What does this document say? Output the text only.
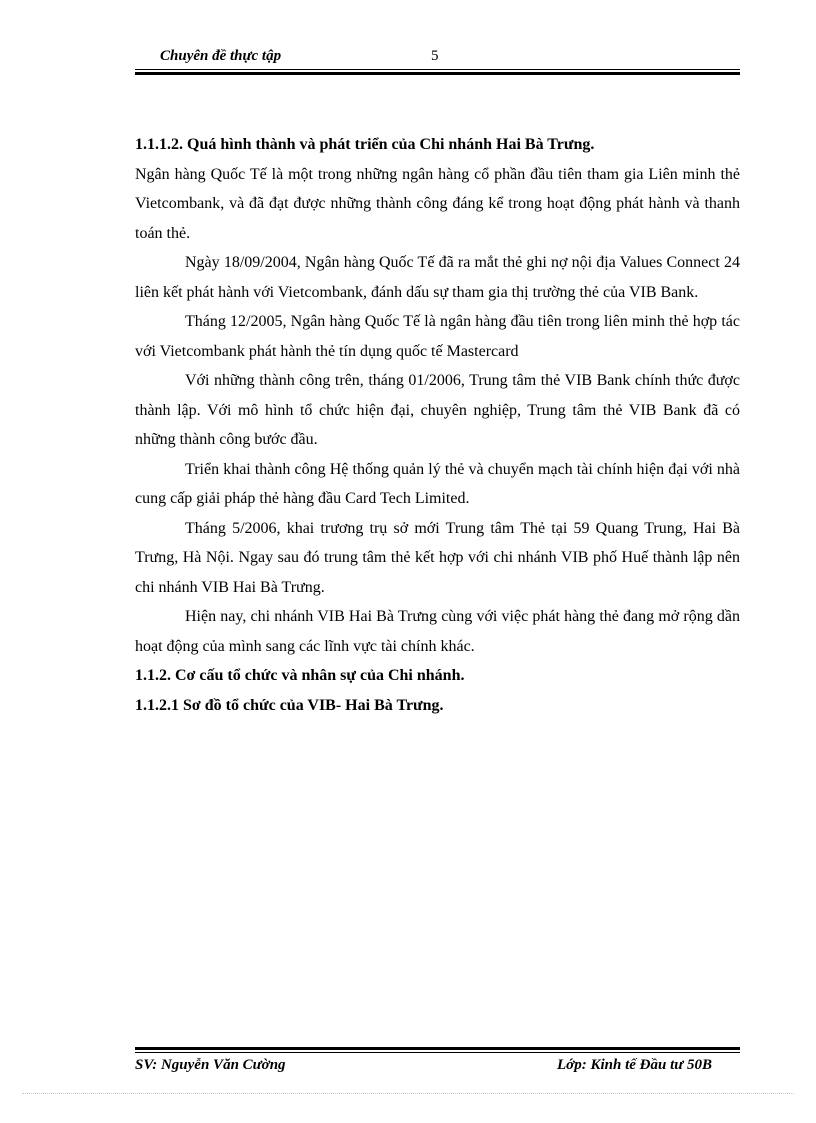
Chuyên đề thực tập	5

1.1.1.2. Quá hình thành và phát triển của Chi nhánh Hai Bà Trưng.

Ngân hàng Quốc Tế là một trong những ngân hàng cổ phần đầu tiên tham gia Liên minh thẻ Vietcombank, và đã đạt được những thành công đáng kể trong hoạt động phát hành và thanh toán thẻ.

Ngày 18/09/2004, Ngân hàng Quốc Tế đã ra mắt thẻ ghi nợ nội địa Values Connect 24 liên kết phát hành với Vietcombank, đánh dấu sự tham gia thị trường thẻ của VIB Bank.

Tháng 12/2005, Ngân hàng Quốc Tế là ngân hàng đầu tiên trong liên minh thẻ hợp tác với Vietcombank phát hành thẻ tín dụng quốc tế Mastercard

Với những thành công trên, tháng 01/2006, Trung tâm thẻ VIB Bank chính thức được thành lập. Với mô hình tổ chức hiện đại, chuyên nghiệp, Trung tâm thẻ VIB Bank đã có những thành công bước đầu.

Triển khai thành công Hệ thống quản lý thẻ và chuyển mạch tài chính hiện đại với nhà cung cấp giải pháp thẻ hàng đầu Card Tech Limited.

Tháng 5/2006, khai trương trụ sở mới Trung tâm Thẻ tại 59 Quang Trung, Hai Bà Trưng, Hà Nội. Ngay sau đó trung tâm thẻ kết hợp với chi nhánh VIB phố Huế thành lập nên chi nhánh VIB Hai Bà Trưng.

Hiện nay, chi nhánh VIB Hai Bà Trưng cùng với việc phát hàng thẻ đang mở rộng dần hoạt động của mình sang các lĩnh vực tài chính khác.

1.1.2. Cơ cấu tổ chức và nhân sự của Chi nhánh.

1.1.2.1 Sơ đồ tổ chức của VIB- Hai Bà Trưng.

SV: Nguyễn Văn Cường	Lớp: Kinh tế Đầu tư 50B
